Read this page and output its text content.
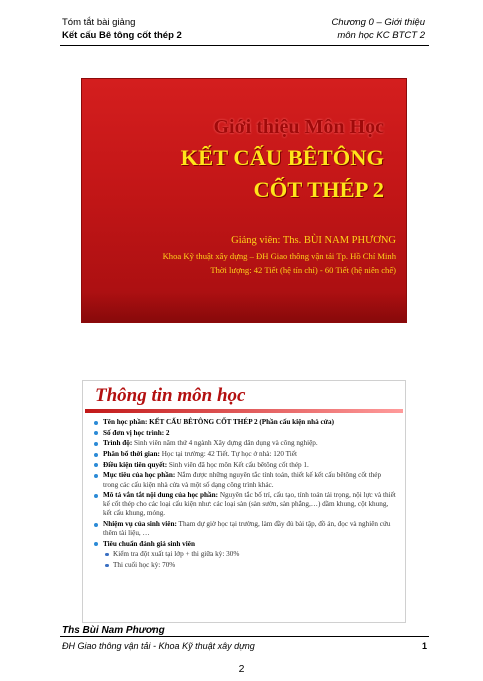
Tóm tắt bài giảng
Kết cấu Bê tông cốt thép 2
Chương 0 – Giới thiệu
môn học KC BTCT 2
Giới thiệu Môn Học
KẾT CẤU BÊTÔNG
CỐT THÉP 2
Giảng viên: Ths. BÙI NAM PHƯƠNG
Khoa Kỹ thuật xây dựng – ĐH Giao thông vận tải Tp. Hồ Chí Minh
Thời lượng: 42 Tiết (hệ tín chỉ) - 60 Tiết (hệ niên chế)
Thông tin môn học
Tên học phần: KẾT CẤU BÊTÔNG CỐT THÉP 2 (Phần cấu kiện nhà cửa)
Số đơn vị học trình: 2
Trình độ: Sinh viên năm thứ 4 ngành Xây dựng dân dụng và công nghiệp.
Phân bổ thời gian: Học tại trường: 42 Tiết. Tự học ở nhà: 120 Tiết
Điều kiện tiên quyết: Sinh viên đã học môn Kết cấu bêtông cốt thép 1.
Mục tiêu của học phần: Nắm được những nguyên tắc tính toán, thiết kế kết cấu bêtông cốt thép trong các cấu kiện nhà cửa và một số dạng công trình khác.
Mô tả vắn tắt nội dung của học phần: Nguyên tắc bố trí, cấu tạo, tính toán tải trọng, nội lực và thiết kế cốt thép cho các loại cấu kiện như: các loại sàn (sàn sườn, sàn phẳng,…) dầm khung, cột khung, kết cấu khung, móng.
Nhiệm vụ của sinh viên: Tham dự giờ học tại trường, làm đầy đủ bài tập, đồ án, đọc và nghiên cứu thêm tài liệu, …
Tiêu chuẩn đánh giá sinh viên
Kiểm tra đột xuất tại lớp + thi giữa kỳ: 30%
Thi cuối học kỳ: 70%
Ths Bùi Nam Phương
ĐH Giao thông vận tải - Khoa Kỹ thuật xây dựng	1
2
